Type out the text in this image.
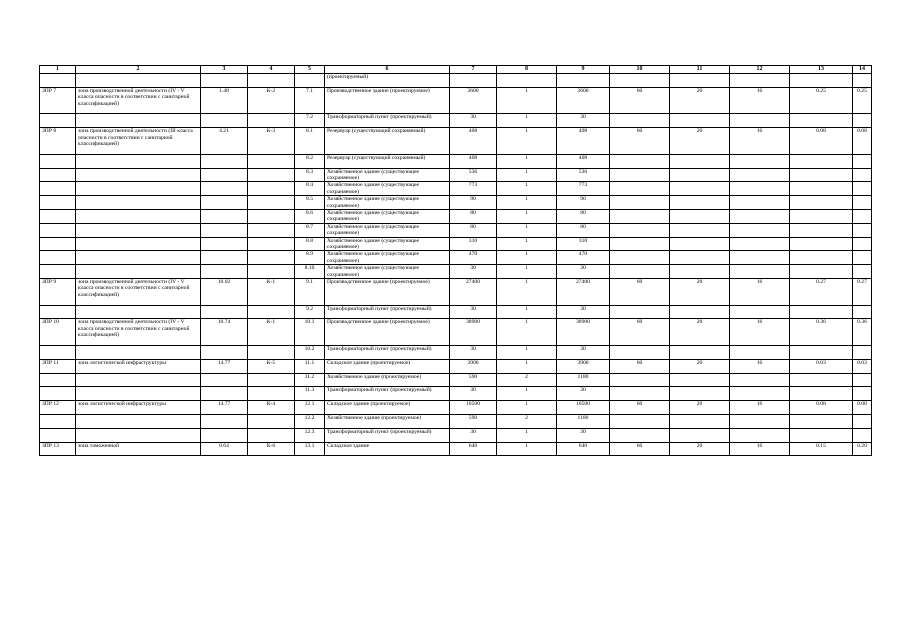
1	2	3	4	5	6	7	8	9	10	11	12	13	14
					(проектируемый)								
ЗПР 7	зона производственной деятельности (IV - V класса опасности в соответствии с санитарной классификацией)	1.48	К-2	7.1	Производственное здание (проектируемое)	3600	1	3600	60	20	16	0.25	0.25
				7.2	Трансформаторный пункт (проектируемый)	30	1	30					
ЗПР 8	зона производственной деятельности (III класса опасности в соответствии с санитарной классификацией)	4.21	К-3	8.1	Резервуар (существующий сохраняемый)	408	1	408	60	20	16	0.08	0.08
				8.2	Резервуар (существующий сохраняемый)	408	1	408					
				8.3	Хозяйственное здание (существующее сохраняемое)	536	1	536					
				8.4	Хозяйственное здание (существующее сохраняемое)	773	1	773					
				8.5	Хозяйственное здание (существующее сохраняемое)	90	1	90					
				8.6	Хозяйственное здание (существующее сохраняемое)	80	1	80					
				8.7	Хозяйственное здание (существующее сохраняемое)	80	1	80					
				8.8	Хозяйственное здание (существующее сохраняемое)	310	1	310					
				8.9	Хозяйственное здание (существующее сохраняемое)	470	1	470					
				8.10	Хозяйственное здание (существующее сохраняемое)	30	1	30					
ЗПР 9	зона производственной деятельности (IV - V класса опасности в соответствии с санитарной классификацией)	10.02	К-1	9.1	Производственное здание (проектируемое)	27400	1	27400	60	20	16	0.27	0.27
				9.2	Трансформаторный пункт (проектируемый)	30	1	30					
ЗПР 10	зона производственной деятельности (IV - V класса опасности в соответствии с санитарной классификацией)	10.74	К-1	10.1	Производственное здание (проектируемое)	38900	1	38900	60	20	16	0.36	0.36
				10.2	Трансформаторный пункт (проектируемый)	30	1	30					
ЗПР 11	зона логистической инфраструктуры	14.77	К-5	11.1	Складское здание (проектируемое)	3900	1	3900	60	20	16	0.03	0.03
				11.2	Хозяйственное здание (проектируемое)	590	2	1180					
				11.3	Трансформаторный пункт (проектируемый)	30	1	30					
ЗПР 12	зона логистической инфраструктуры	14.77	К-4	12.1	Складское здание (проектируемое)	10500	1	10500	60	20	16	0.08	0.08
				12.2	Хозяйственное здание (проектируемое)	590	2	1180					
				12.3	Трансформаторный пункт (проектируемый)	30	1	30					
ЗПР 13	зона таможенной	0.64	К-6	13.1	Складское здание	640	1	640	60	20	16	0.15	0.20
